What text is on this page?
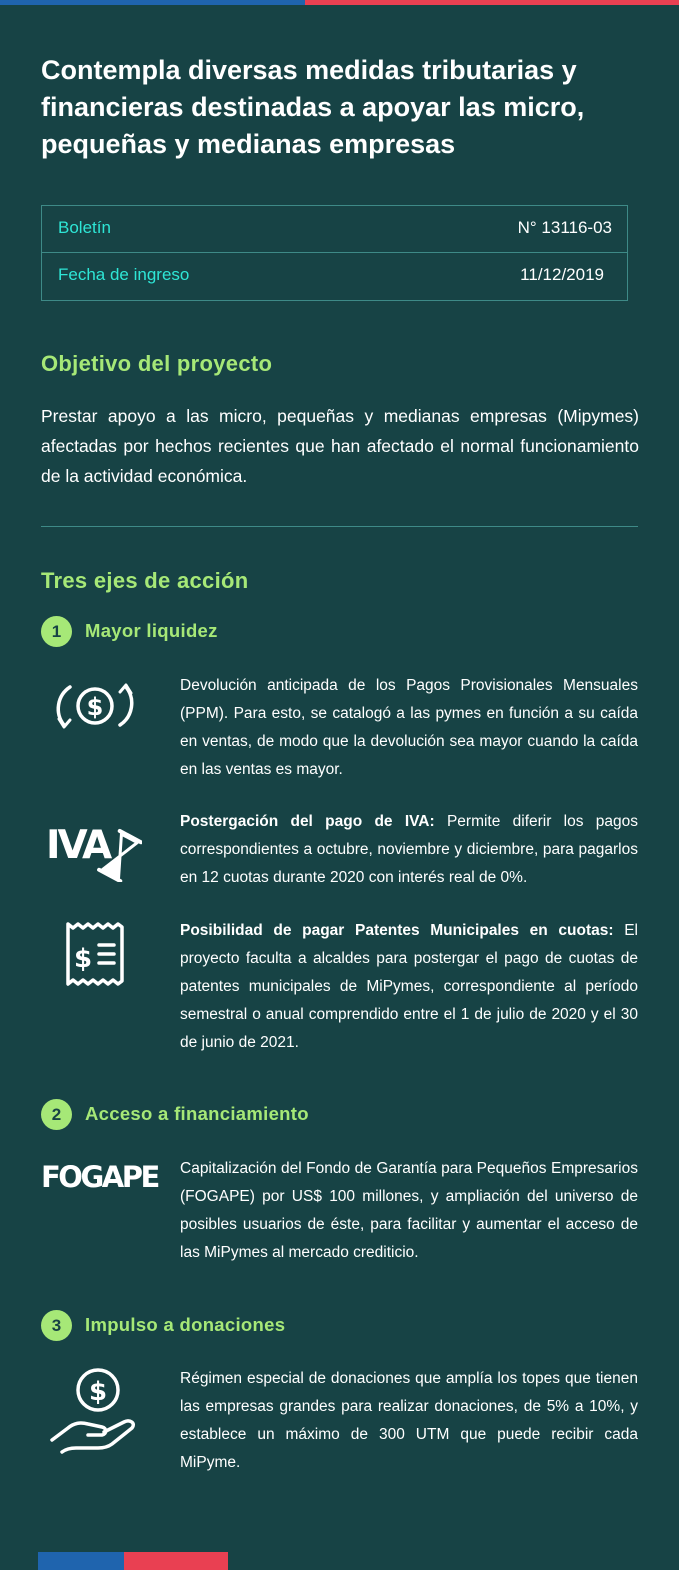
Contempla diversas medidas tributarias y financieras destinadas a apoyar las micro, pequeñas y medianas empresas
Boletín	N° 13116-03
Fecha de ingreso	11/12/2019
Objetivo del proyecto

Prestar apoyo a las micro, pequeñas y medianas empresas (Mipymes) afectadas por hechos recientes que han afectado el normal funcionamiento de la actividad económica.

Tres ejes de acción
1	Mayor liquidez
$

Devolución anticipada de los Pagos Provisionales Mensuales (PPM). Para esto, se catalogó a las pymes en función a su caída en ventas, de modo que la devolución sea mayor cuando la caída en las ventas es mayor.

IVA

Postergación del pago de IVA: Permite diferir los pagos correspondientes a octubre, noviembre y diciembre, para pagarlos en 12 cuotas durante 2020 con interés real de 0%.

$

Posibilidad de pagar Patentes Municipales en cuotas: El proyecto faculta a alcaldes para postergar el pago de cuotas de patentes municipales de MiPymes, correspondiente al período semestral o anual comprendido entre el 1 de julio de 2020 y el 30 de junio de 2021.

2	Acceso a financiamiento
FOGAPE Capitalización del Fondo de Garantía para Pequeños Empresarios (FOGAPE) por US$ 100 millones, y ampliación del universo de posibles usuarios de éste, para facilitar y aumentar el acceso de las MiPymes al mercado crediticio.

3	Impulso a donaciones
$	Régimen especial de donaciones que amplía los topes que tienen las empresas grandes para realizar donaciones, de 5% a 10%, y establece un máximo de 300 UTM que puede recibir cada MiPyme.
